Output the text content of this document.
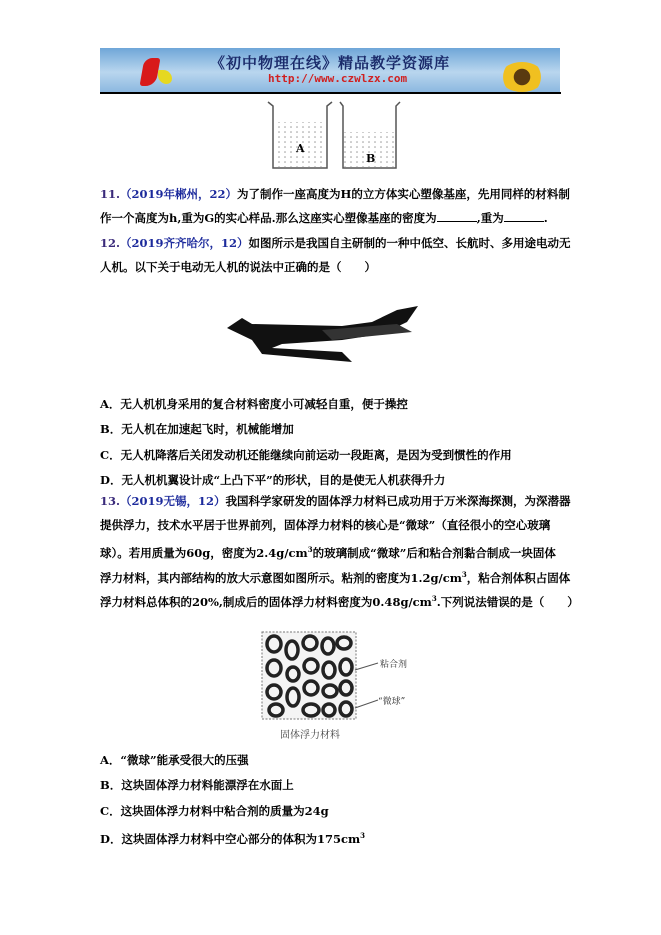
《初中物理在线》精品教学资源库
http://www.czwlzx.com
A
B
11.（2019年郴州，22）为了制作一座高度为H的立方体实心塑像基座，先用同样的材料制
作一个高度为h,重为G的实心样品.那么这座实心塑像基座的密度为	,重为	.
12.（2019齐齐哈尔，12）如图所示是我国自主研制的一种中低空、长航时、多用途电动无
人机。以下关于电动无人机的说法中正确的是（　　）
A．无人机机身采用的复合材料密度小可减轻自重，便于操控
B．无人机在加速起飞时，机械能增加
C．无人机降落后关闭发动机还能继续向前运动一段距离，是因为受到惯性的作用
D．无人机机翼设计成“上凸下平”的形状，目的是使无人机获得升力
13.（2019无锡，12）我国科学家研发的固体浮力材料已成功用于万米深海探测，为深潜器
提供浮力，技术水平居于世界前列，固体浮力材料的核心是“微球”（直径很小的空心玻璃
球）。若用质量为60g，密度为$2.4g/cm^3$的玻璃制成“微球”后和粘合剂黏合制成一块固体
浮力材料，其内部结构的放大示意图如图所示。粘剂的密度为$1.2g/cm^3$，粘合剂体积占固体
浮力材料总体积的20%,制成后的固体浮力材料密度为$0.48g/cm^3$.下列说法错误的是（　　）
粘合剂
“微球”
固体浮力材料
A．“微球”能承受很大的压强
B．这块固体浮力材料能漂浮在水面上
C．这块固体浮力材料中粘合剂的质量为24g
D．这块固体浮力材料中空心部分的体积为$175cm^3$
